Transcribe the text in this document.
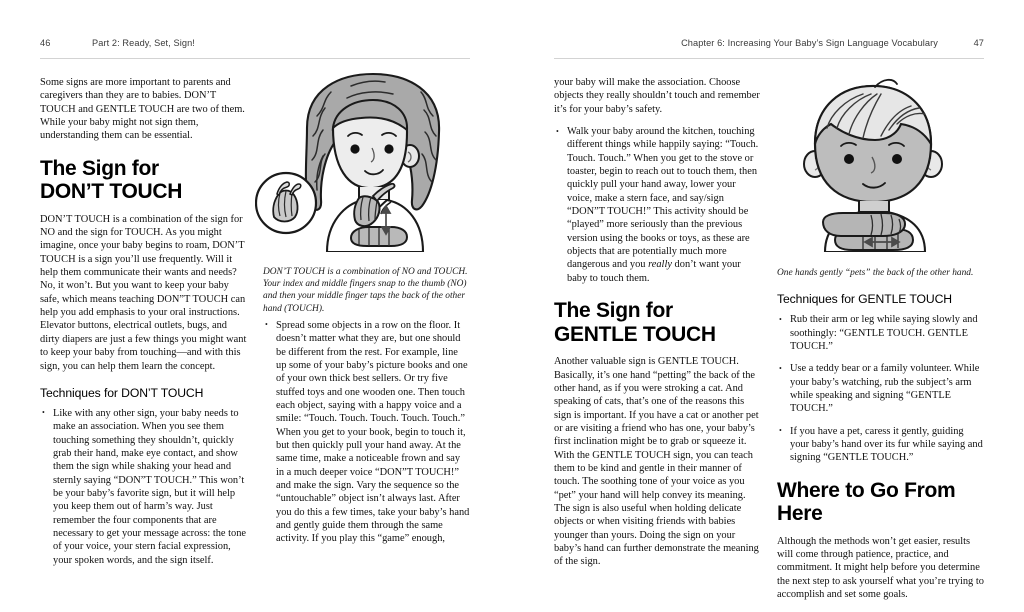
46	Part 2: Ready, Set, Sign!

Some signs are more important to parents and caregivers than they are to babies. DON’T TOUCH and GENTLE TOUCH are two of them. While your baby might not sign them, understanding them can be essential.

The Sign for
DON’T TOUCH

DON’T TOUCH is a combination of the sign for NO and the sign for TOUCH. As you might imagine, once your baby begins to roam, DON’T TOUCH is a sign you’ll use frequently. Will it help them communicate their wants and needs? No, it won’t. But you want to keep your baby safe, which means teaching DON”T TOUCH can help you add emphasis to your oral instructions. Elevator buttons, electrical outlets, bugs, and dirty diapers are just a few things you might want to keep your baby from touching—and with this sign, you can help them learn the concept.

Techniques for DON’T TOUCH
• Like with any other sign, your baby needs to make an association. When you see them touching something they shouldn’t, quickly grab their hand, make eye contact, and show them the sign while shaking your head and sternly saying “DON”T TOUCH.” This won’t be your baby’s favorite sign, but it will help you keep them out of harm’s way. Just remember the four components that are necessary to get your message across: the tone of your voice, your stern facial expression, your spoken words, and the sign itself.

DON’T TOUCH is a combination of NO and TOUCH. Your index and middle fingers snap to the thumb (NO) and then your middle finger taps the back of the other hand (TOUCH).

• Spread some objects in a row on the floor. It doesn’t matter what they are, but one should be different from the rest. For example, line up some of your baby’s picture books and one of your own thick best sellers. Or try five stuffed toys and one wooden one. Then touch each object, saying with a happy voice and a smile: “Touch. Touch. Touch. Touch. Touch.” When you get to your book, begin to touch it, but then quickly pull your hand away. At the same time, make a noticeable frown and say in a much deeper voice “DON”T TOUCH!” and make the sign. Vary the sequence so the “untouchable” object isn’t always last. After you do this a few times, take your baby’s hand and gently guide them through the same activity. If you play this “game” enough,
Chapter 6: Increasing Your Baby’s Sign Language Vocabulary	47

your baby will make the association. Choose objects they really shouldn’t touch and remember it’s for your baby’s safety.

• Walk your baby around the kitchen, touching different things while happily saying: “Touch. Touch. Touch.” When you get to the stove or toaster, begin to reach out to touch them, then quickly pull your hand away, lower your voice, make a stern face, and say/sign “DON”T TOUCH!” This activity should be “played” more seriously than the previous version using the books or toys, as these are objects that are potentially much more dangerous and you really don’t want your baby to touch them.
The Sign for
GENTLE TOUCH

Another valuable sign is GENTLE TOUCH. Basically, it’s one hand “petting” the back of the other hand, as if you were stroking a cat. And speaking of cats, that’s one of the reasons this sign is important. If you have a cat or another pet or are visiting a friend who has one, your baby’s first inclination might be to grab or squeeze it. With the GENTLE TOUCH sign, you can teach them to be kind and gentle in their manner of touch. The soothing tone of your voice as you “pet” your hand will help convey its meaning. The sign is also useful when holding delicate objects or when visiting friends with babies younger than yours. Doing the sign on your baby’s hand can further demonstrate the meaning of the sign.

One hands gently “pets” the back of the other hand.

Techniques for GENTLE TOUCH
• Rub their arm or leg while saying slowly and soothingly: “GENTLE TOUCH. GENTLE TOUCH.”
• Use a teddy bear or a family volunteer. While your baby’s watching, rub the subject’s arm while speaking and signing “GENTLE TOUCH.”
• If you have a pet, caress it gently, guiding your baby’s hand over its fur while saying and signing “GENTLE TOUCH.”
Where to Go From Here

Although the methods won’t get easier, results will come through patience, practice, and commitment. It might help before you determine the next step to ask yourself what you’re trying to accomplish and set some goals.
